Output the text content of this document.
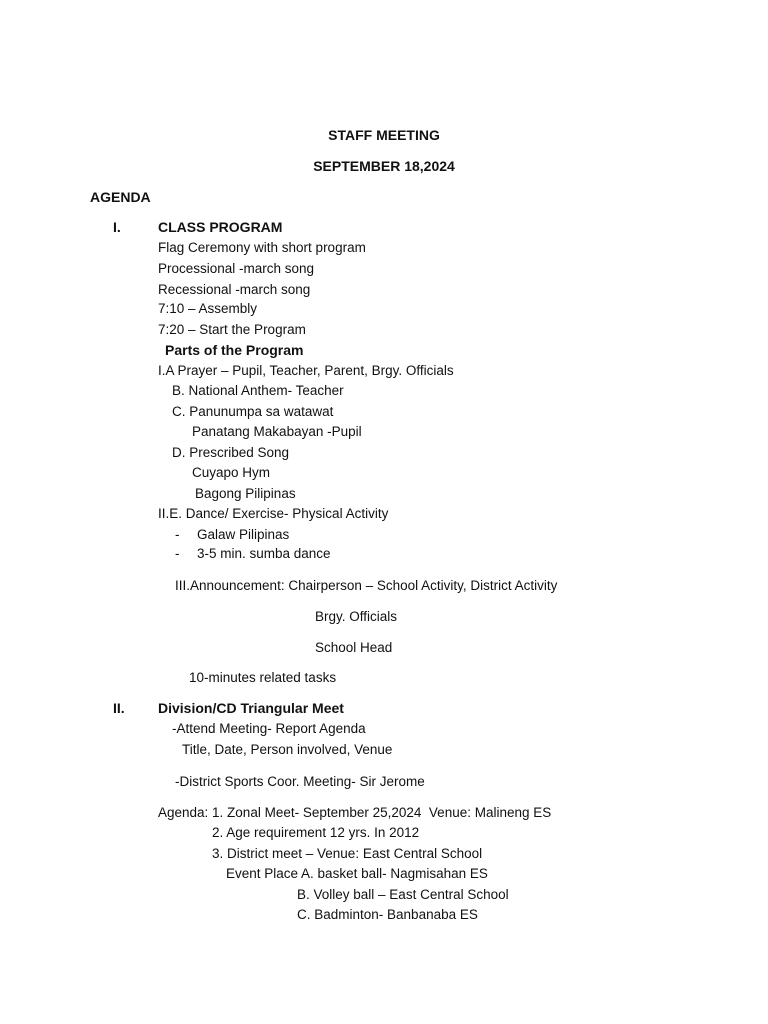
STAFF MEETING
SEPTEMBER 18,2024
AGENDA
I.	CLASS PROGRAM
Flag Ceremony with short program
Processional -march song
Recessional -march song
7:10 – Assembly
7:20 – Start the Program
Parts of the Program
I.A Prayer – Pupil, Teacher, Parent, Brgy. Officials
B. National Anthem- Teacher
C. Panunumpa sa watawat
Panatang Makabayan -Pupil
D. Prescribed Song
Cuyapo Hym
Bagong Pilipinas
II.E. Dance/ Exercise- Physical Activity
- Galaw Pilipinas
- 3-5 min. sumba dance
III.Announcement: Chairperson – School Activity, District Activity
Brgy. Officials
School Head
10-minutes related tasks
II. Division/CD Triangular Meet
-Attend Meeting- Report Agenda
Title, Date, Person involved, Venue
-District Sports Coor. Meeting- Sir Jerome
Agenda: 1. Zonal Meet- September 25,2024  Venue: Malineng ES
2. Age requirement 12 yrs. In 2012
3. District meet – Venue: East Central School
Event Place A. basket ball- Nagmisahan ES
B. Volley ball – East Central School
C. Badminton- Banbanaba ES
